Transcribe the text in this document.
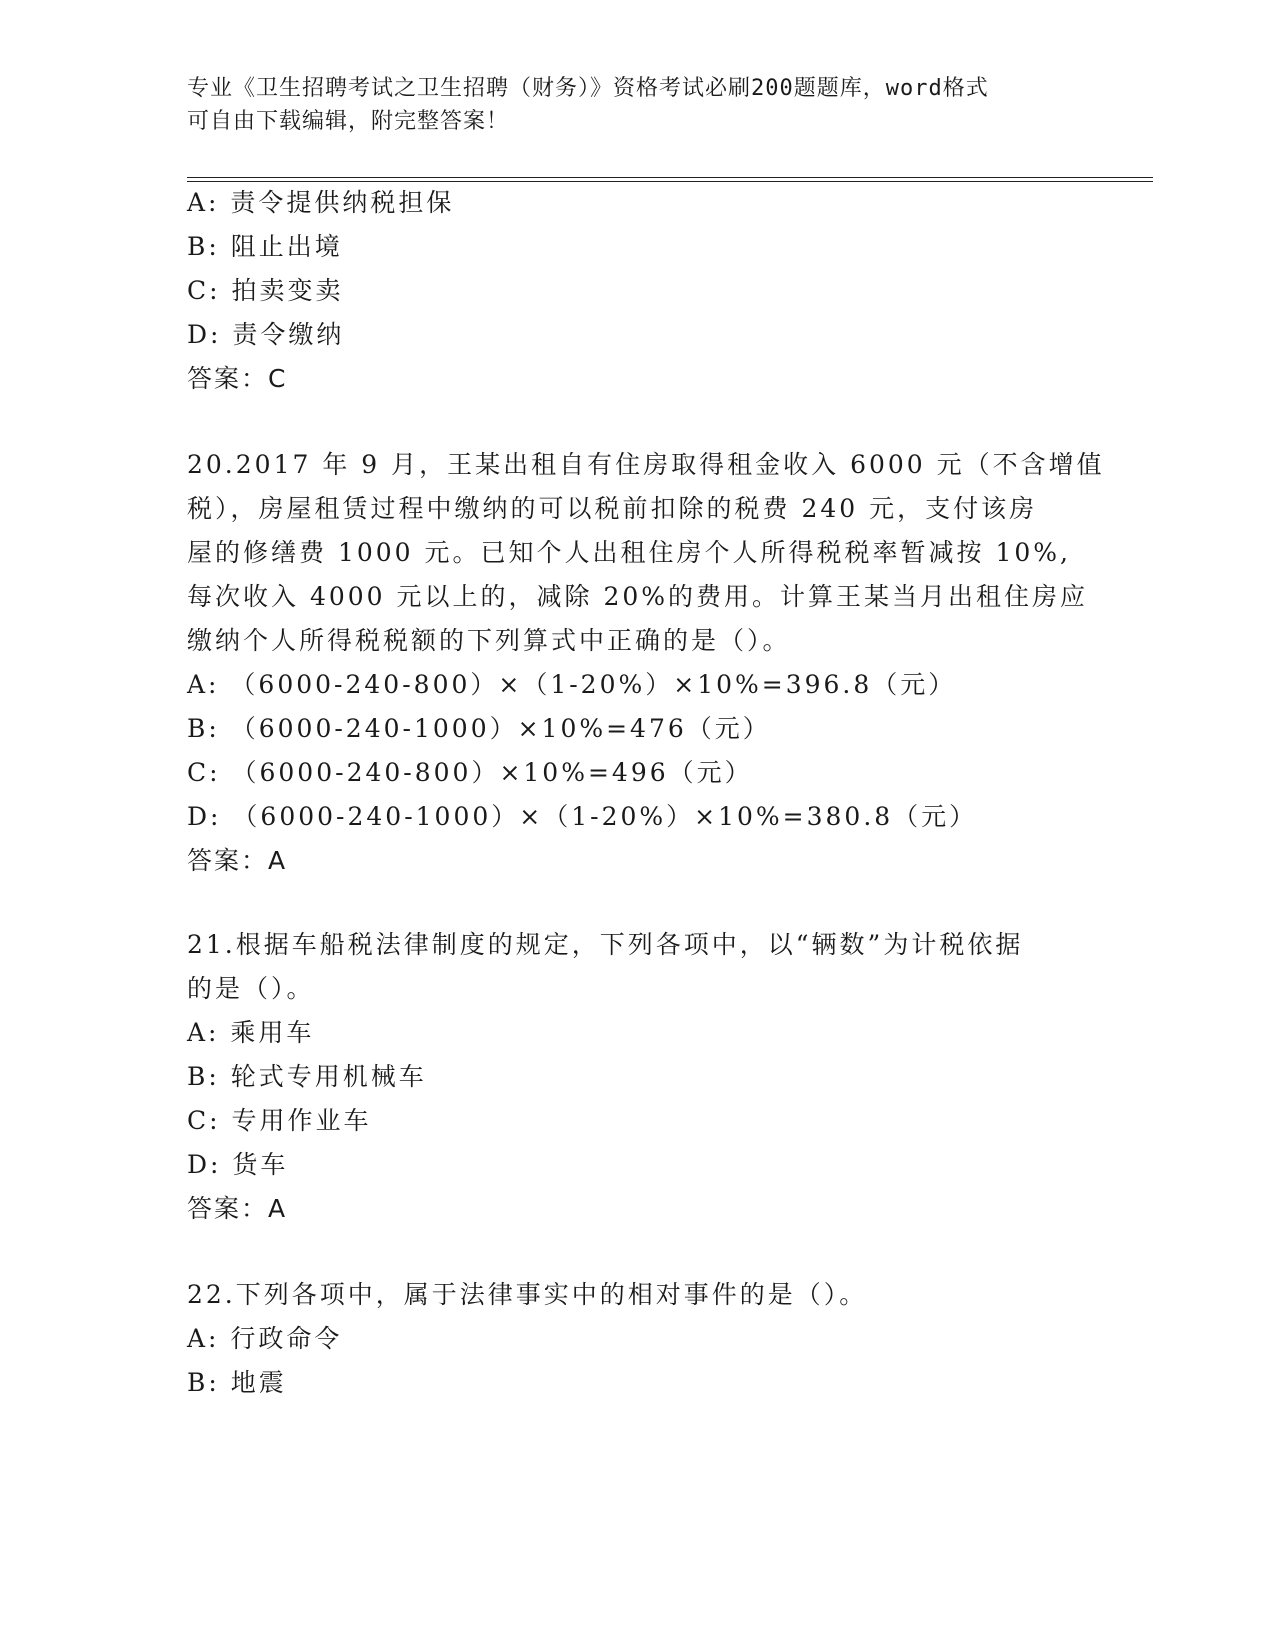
专业《卫生招聘考试之卫生招聘（财务）》资格考试必刷200题题库，word格式
可自由下载编辑，附完整答案！
A: 责令提供纳税担保
B: 阻止出境
C: 拍卖变卖
D: 责令缴纳
答案：C
20.2017 年 9 月，王某出租自有住房取得租金收入 6000 元（不含增值
税），房屋租赁过程中缴纳的可以税前扣除的税费 240 元，支付该房
屋的修缮费 1000 元。已知个人出租住房个人所得税税率暂减按 10%,
每次收入 4000 元以上的，减除 20%的费用。计算王某当月出租住房应
缴纳个人所得税税额的下列算式中正确的是（）。
A: （6000-240-800）×（1-20%）×10%=396.8（元）
B: （6000-240-1000）×10%=476（元）
C: （6000-240-800）×10%=496（元）
D: （6000-240-1000）×（1-20%）×10%=380.8（元）
答案：A
21.根据车船税法律制度的规定，下列各项中，以“辆数”为计税依据
的是（）。
A: 乘用车
B: 轮式专用机械车
C: 专用作业车
D: 货车
答案：A
22.下列各项中，属于法律事实中的相对事件的是（）。
A: 行政命令
B: 地震
